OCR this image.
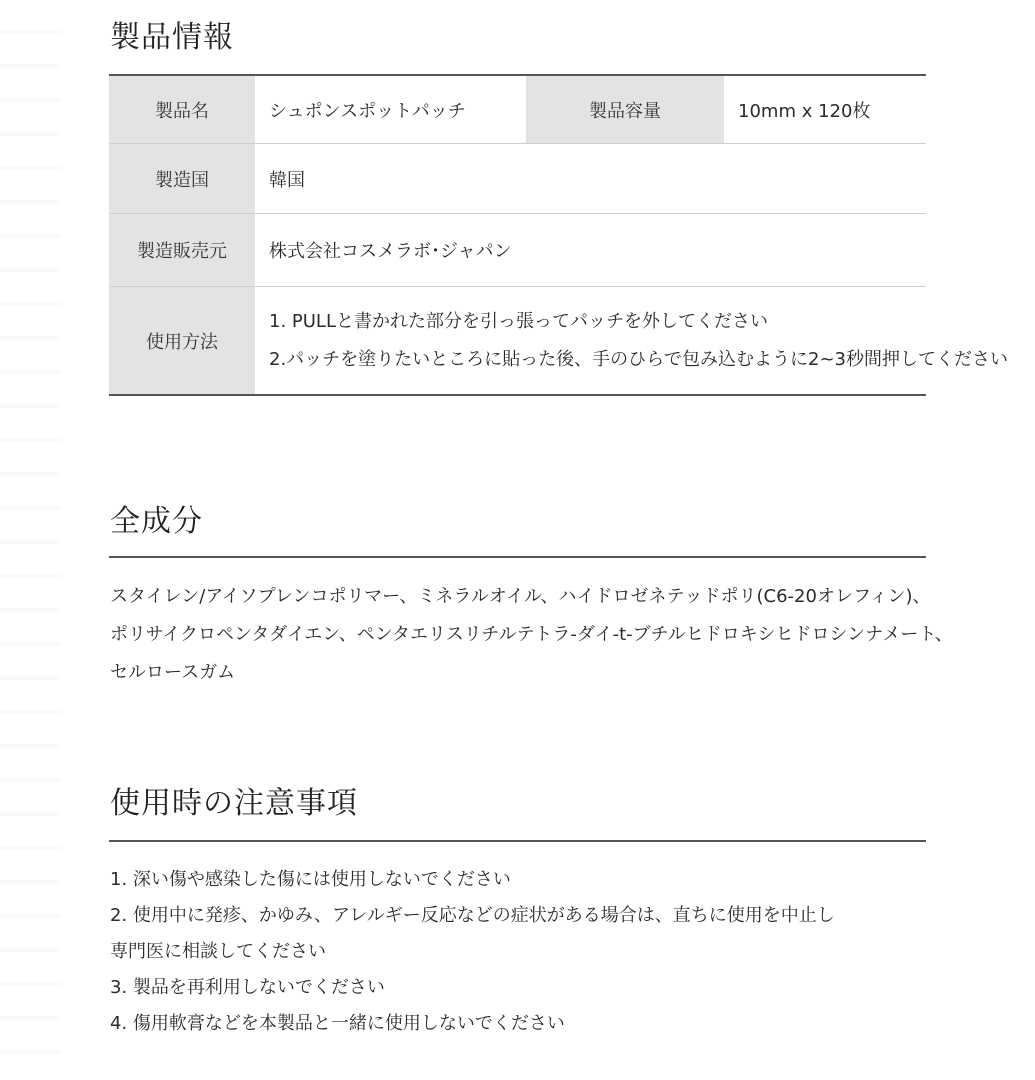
製品情報
製品名	シュポンスポットパッチ	製品容量	10mm x 120枚
製造国	韓国		
製造販売元	株式会社コスメラボ･ジャパン		
使用方法	1. PULLと書かれた部分を引っ張ってパッチを外してください
2.パッチを塗りたいところに貼った後、手のひらで包み込むように2~3秒間押してください		
全成分
スタイレン/アイソプレンコポリマー、ミネラルオイル、ハイドロゼネテッドポリ(C6-20オレフィン)、
ポリサイクロペンタダイエン、ペンタエリスリチルテトラ-ダイ-t-ブチルヒドロキシヒドロシンナメート、
セルロースガム
使用時の注意事項
1. 深い傷や感染した傷には使用しないでください
2. 使用中に発疹、かゆみ、アレルギー反応などの症状がある場合は、直ちに使用を中止し
専門医に相談してください
3. 製品を再利用しないでください
4. 傷用軟膏などを本製品と一緒に使用しないでください
